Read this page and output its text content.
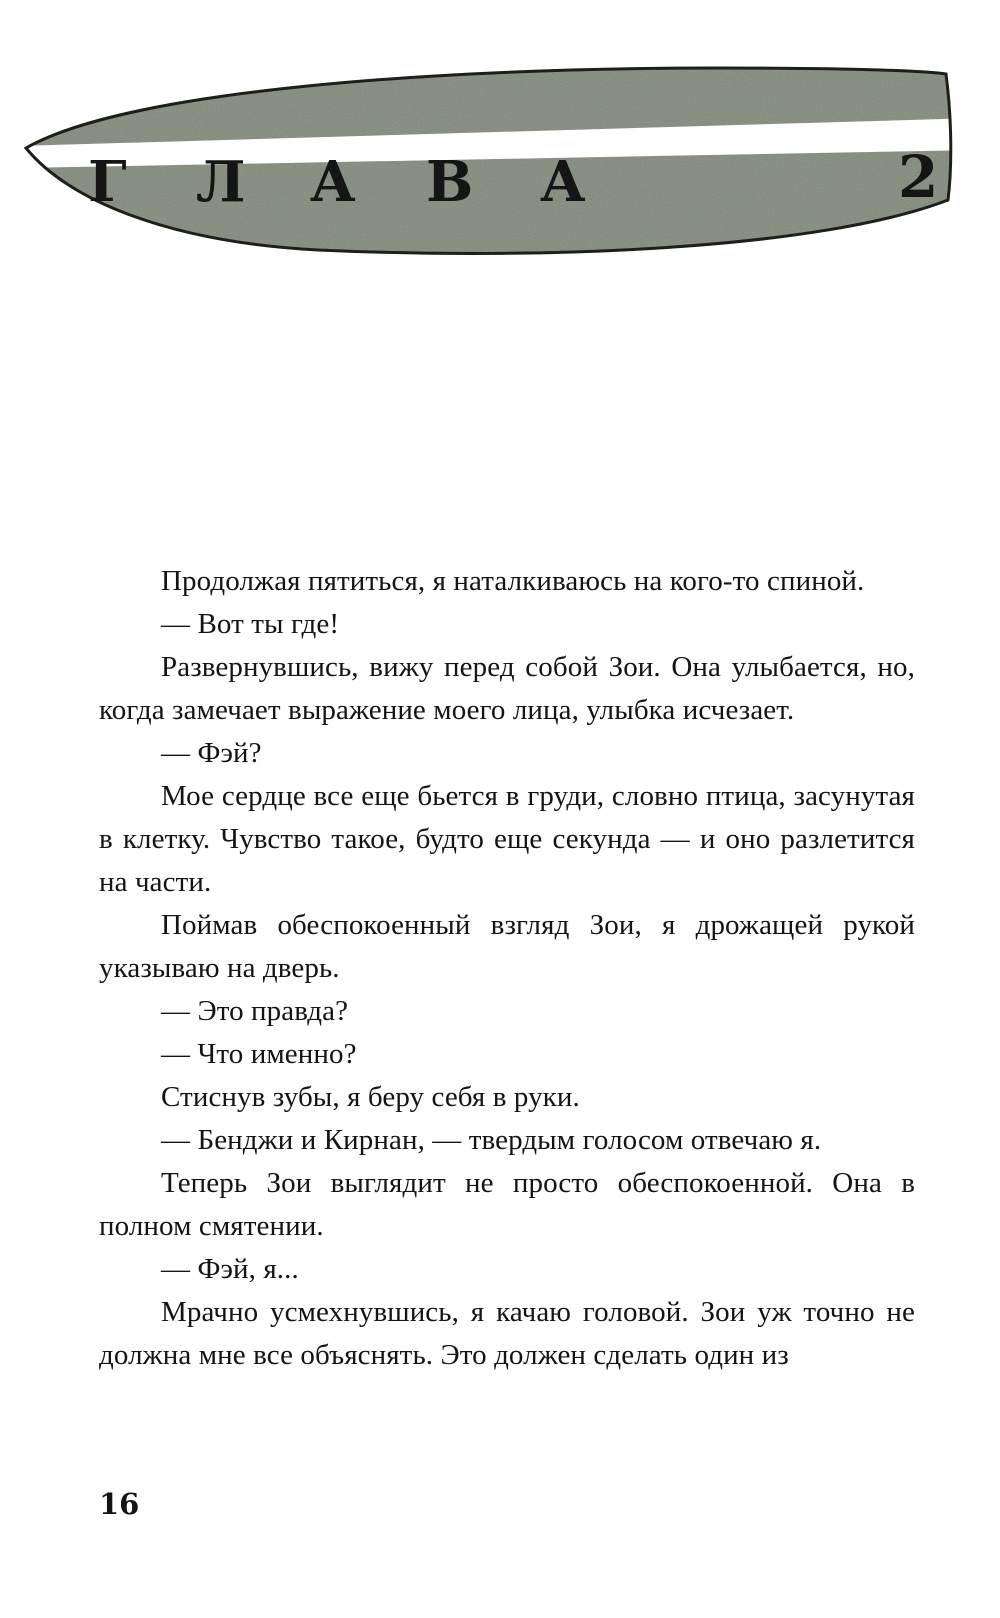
Г Л А В А	2

Продолжая пятиться, я наталкиваюсь на кого-то спиной.

— Вот ты где!

Развернувшись, вижу перед собой Зои. Она улыбается, но, когда замечает выражение моего лица, улыбка исчезает.

— Фэй?

Мое сердце все еще бьется в груди, словно птица, засунутая в клетку. Чувство такое, будто еще секунда — и оно разлетится на части.

Поймав обеспокоенный взгляд Зои, я дрожащей рукой указываю на дверь.

— Это правда?

— Что именно?

Стиснув зубы, я беру себя в руки.

— Бенджи и Кирнан, — твердым голосом отвечаю я.

Теперь Зои выглядит не просто обеспокоенной. Она в полном смятении.

— Фэй, я...

Мрачно усмехнувшись, я качаю головой. Зои уж точно не должна мне все объяснять. Это должен сделать один из

16
